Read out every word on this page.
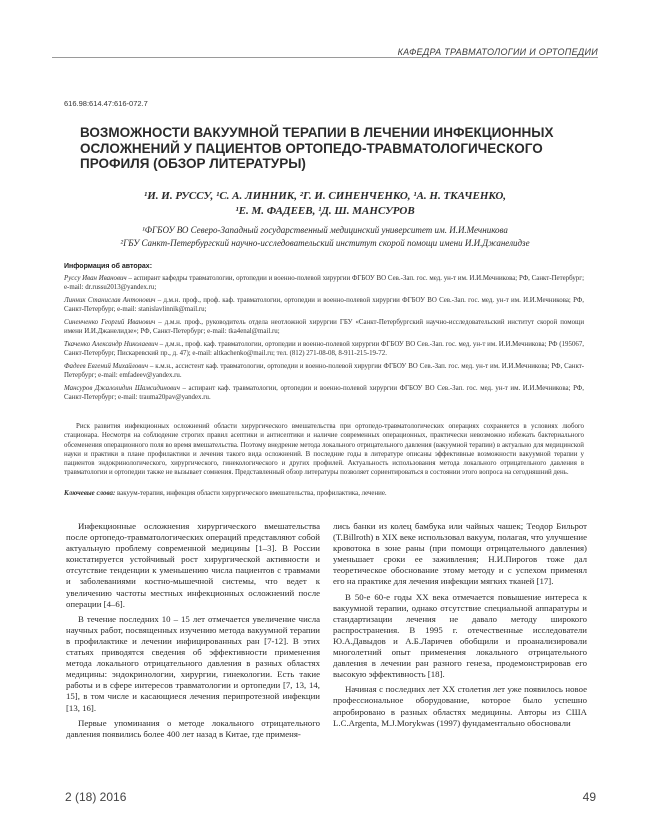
КАФЕДРА ТРАВМАТОЛОГИИ И ОРТОПЕДИИ
616.98:614.47:616-072.7
ВОЗМОЖНОСТИ ВАКУУМНОЙ ТЕРАПИИ В ЛЕЧЕНИИ ИНФЕКЦИОННЫХ
ОСЛОЖНЕНИЙ У ПАЦИЕНТОВ ОРТОПЕДО-ТРАВМАТОЛОГИЧЕСКОГО
ПРОФИЛЯ (ОБЗОР ЛИТЕРАТУРЫ)
¹И. И. РУССУ, ¹С. А. ЛИННИК, ²Г. И. СИНЕНЧЕНКО, ¹А. Н. ТКАЧЕНКО,
¹Е. М. ФАДЕЕВ, ¹Д. Ш. МАНСУРОВ
¹ФГБОУ ВО Северо-Западный государственный медицинский университет им. И.И.Мечникова
²ГБУ Санкт-Петербургский научно-исследовательский институт скорой помощи имени И.И.Джанелидзе
Информация об авторах:
Руссу Иван Иванович – аспирант кафедры травматологии, ортопедии и военно-полевой хирургии ФГБОУ ВО Сев.-Зап. гос. мед. ун-т им. И.И.Мечникова; РФ, Санкт-Петербург; e-mail: dr.russu2013@yandex.ru;
Линник Станислав Антонович – д.м.н. проф., проф. каф. травматологии, ортопедии и военно-полевой хирургии ФГБОУ ВО Сев.-Зап. гос. мед. ун-т им. И.И.Мечникова; РФ, Санкт-Петербург, e-mail: stanislavlinnik@mail.ru;
Синенченко Георгий Иванович – д.м.н. проф., руководитель отдела неотложной хирургии ГБУ «Санкт-Петербургский научно-исследовательский институт скорой помощи имени И.И.Джанелидзе»; РФ, Санкт-Петербург; e-mail: tka4enal@mail.ru;
Ткаченко Александр Николаевич – д.м.н., проф. каф. травматологии, ортопедии и военно-полевой хирургии ФГБОУ ВО Сев.-Зап. гос. мед. ун-т им. И.И.Мечникова; РФ (195067, Санкт-Петербург, Пискаревский пр., д. 47); e-mail: altkachenko@mail.ru; тел. (812) 271-08-08, 8-911-215-19-72.
Фадеев Евгений Михайлович – к.м.н., ассистент каф. травматологии, ортопедии и военно-полевой хирургии ФГБОУ ВО Сев.-Зап. гос. мед. ун-т им. И.И.Мечникова; РФ, Санкт-Петербург; e-mail: emfadeev@yandex.ru.
Мансуров Джалолидин Шамсидинович – аспирант каф. травматологии, ортопедии и военно-полевой хирургии ФГБОУ ВО Сев.-Зап. гос. мед. ун-т им. И.И.Мечникова; РФ, Санкт-Петербург; e-mail: trauma20pav@yandex.ru.

Риск развития инфекционных осложнений области хирургического вмешательства при ортопедо-травматологических операциях сохраняется в условиях любого стационара. Несмотря на соблюдение строгих правил асептики и антисептики и наличие современных операционных, практически невозможно избежать бактериального обсеменения операционного поля во время вмешательства. Поэтому внедрение метода локального отрицательного давления (вакуумной терапии) в актуально для медицинской науки и практики в плане профилактики и лечения такого вида осложнений. В последние годы в литературе описаны эффективные возможности вакуумной терапии у пациентов эндокринологического, хирургического, гинекологического и других профилей. Актуальность использования метода локального отрицательного давления в травматологии и ортопедии также не вызывает сомнения. Представленный обзор литературы позволяет сориентироваться в состоянии этого вопроса на сегодняшний день.

Ключевые слова: вакуум-терапия, инфекция области хирургического вмешательства, профилактика, лечение.

Инфекционные осложнения хирургического вмешательства после ортопедо-травматологических операций представляют собой актуальную проблему современной медицины [1–3]. В России констатируется устойчивый рост хирургической активности и отсутствие тенденции к уменьшению числа пациентов с травмами и заболеваниями костно-мышечной системы, что ведет к увеличению частоты местных инфекционных осложнений после операции [4–6].

В течение последних 10 – 15 лет отмечается увеличение числа научных работ, посвященных изучению метода вакуумной терапии в профилактике и лечении инфицированных ран [7-12]. В этих статьях приводятся сведения об эффективности применения метода локального отрицательного давления в разных областях медицины: эндокринологии, хирургии, гинекологии. Есть такие работы и в сфере интересов травматологии и ортопедии [7, 13, 14, 15], в том числе и касающиеся лечения перипротезной инфекции [13, 16].

Первые упоминания о методе локального отрицательного давления появились более 400 лет назад в Китае, где применя-

лись банки из колец бамбука или чайных чашек; Теодор Бильрот (T.Billroth) в XIX веке использовал вакуум, полагая, что улучшение кровотока в зоне раны (при помощи отрицательного давления) уменьшает сроки ее заживления; Н.И.Пирогов тоже дал теоретическое обоснование этому методу и с успехом применял его на практике для лечения инфекции мягких тканей [17].

В 50-е 60-е годы XX века отмечается повышение интереса к вакуумной терапии, однако отсутствие специальной аппаратуры и стандартизации лечения не давало методу широкого распространения. В 1995 г. отечественные исследователи Ю.А.Давыдов и А.Б.Ларичев обобщили и проанализировали многолетний опыт применения локального отрицательного давления в лечении ран разного генеза, продемонстрировав его высокую эффективность [18].

Начиная с последних лет XX столетия лет уже появилось новое профессиональное оборудование, которое было успешно апробировано в разных областях медицины. Авторы из США L.C.Argenta, M.J.Morykwas (1997) фундаментально обосновали

2 (18) 2016	49
